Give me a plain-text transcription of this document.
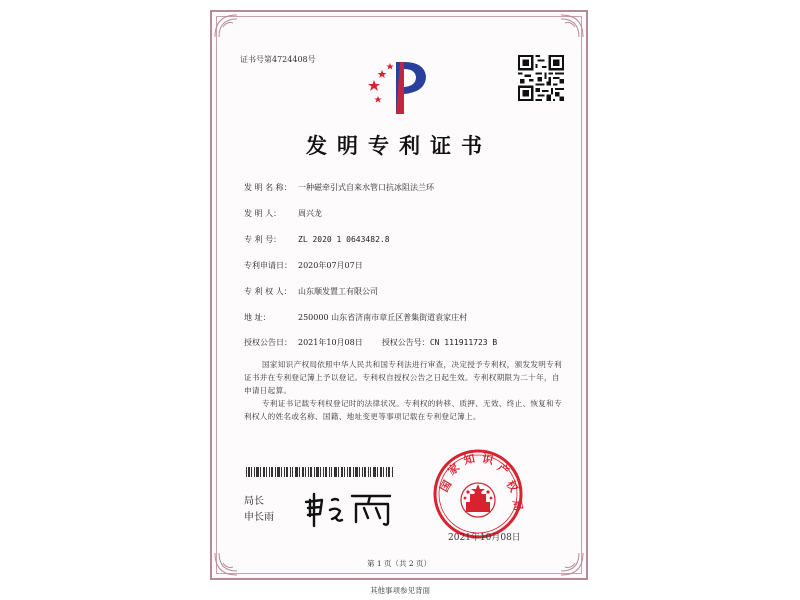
证书号第4724408号
发明专利证书
发 明 名 称： 一种磁牵引式自来水管口抗冰阻法兰环
发 明 人： 周兴龙
专 利 号： ZL 2020 1 0643482.8
专利申请日： 2020年07月07日
专 利 权 人： 山东顺发置工有限公司
地 址：	250000 山东省济南市章丘区普集街道袁家庄村
授权公告日： 2021年10月08日 授权公告号：CN 111911723 B
国家知识产权局依照中华人民共和国专利法进行审查，决定授予专利权，颁发发明专利证书并在专利登记簿上予以登记。专利权自授权公告之日起生效。专利权期限为二十年，自申请日起算。
专利证书记载专利权登记时的法律状况。专利权的转移、质押、无效、终止、恢复和专利权人的姓名或名称、国籍、地址变更等事项记载在专利登记簿上。
局长
申长雨
国
家
知 识
产
权
局
2021年10月08日
第 1 页（共 2 页）
其他事项参见背面
